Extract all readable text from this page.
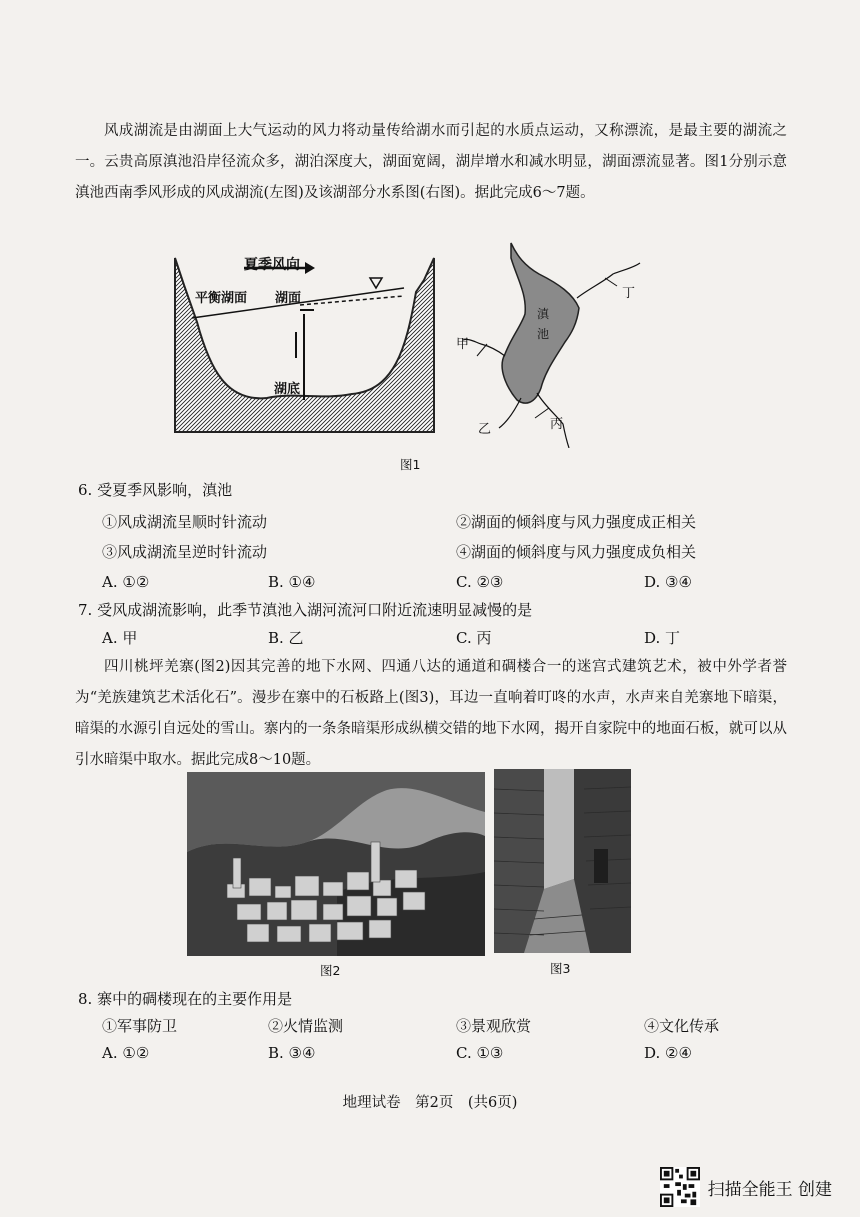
风成湖流是由湖面上大气运动的风力将动量传给湖水而引起的水质点运动，又称漂流，是最主要的湖流之一。云贵高原滇池沿岸径流众多，湖泊深度大，湖面宽阔，湖岸增水和减水明显，湖面漂流显著。图1分别示意滇池西南季风形成的风成湖流(左图)及该湖部分水系图(右图)。据此完成6～7题。

夏季风向
平衡湖面 湖面
湖底
滇
池
丁
甲
乙	丙
图1
6. 受夏季风影响，滇池
①风成湖流呈顺时针流动	②湖面的倾斜度与风力强度成正相关
③风成湖流呈逆时针流动	④湖面的倾斜度与风力强度成负相关
A. ①②	B. ①④	C. ②③	D. ③④
7. 受风成湖流影响，此季节滇池入湖河流河口附近流速明显减慢的是
A. 甲	B. 乙	C. 丙	D. 丁

四川桃坪羌寨(图2)因其完善的地下水网、四通八达的通道和碉楼合一的迷宫式建筑艺术，被中外学者誉为“羌族建筑艺术活化石”。漫步在寨中的石板路上(图3)，耳边一直响着叮咚的水声，水声来自羌寨地下暗渠，暗渠的水源引自远处的雪山。寨内的一条条暗渠形成纵横交错的地下水网，揭开自家院中的地面石板，就可以从引水暗渠中取水。据此完成8～10题。

图2	图3
8. 寨中的碉楼现在的主要作用是
①军事防卫	②火情监测	③景观欣赏	④文化传承
A. ①②	B. ③④	C. ①③	D. ②④
地理试卷　第2页　(共6页)
扫描全能王 创建
